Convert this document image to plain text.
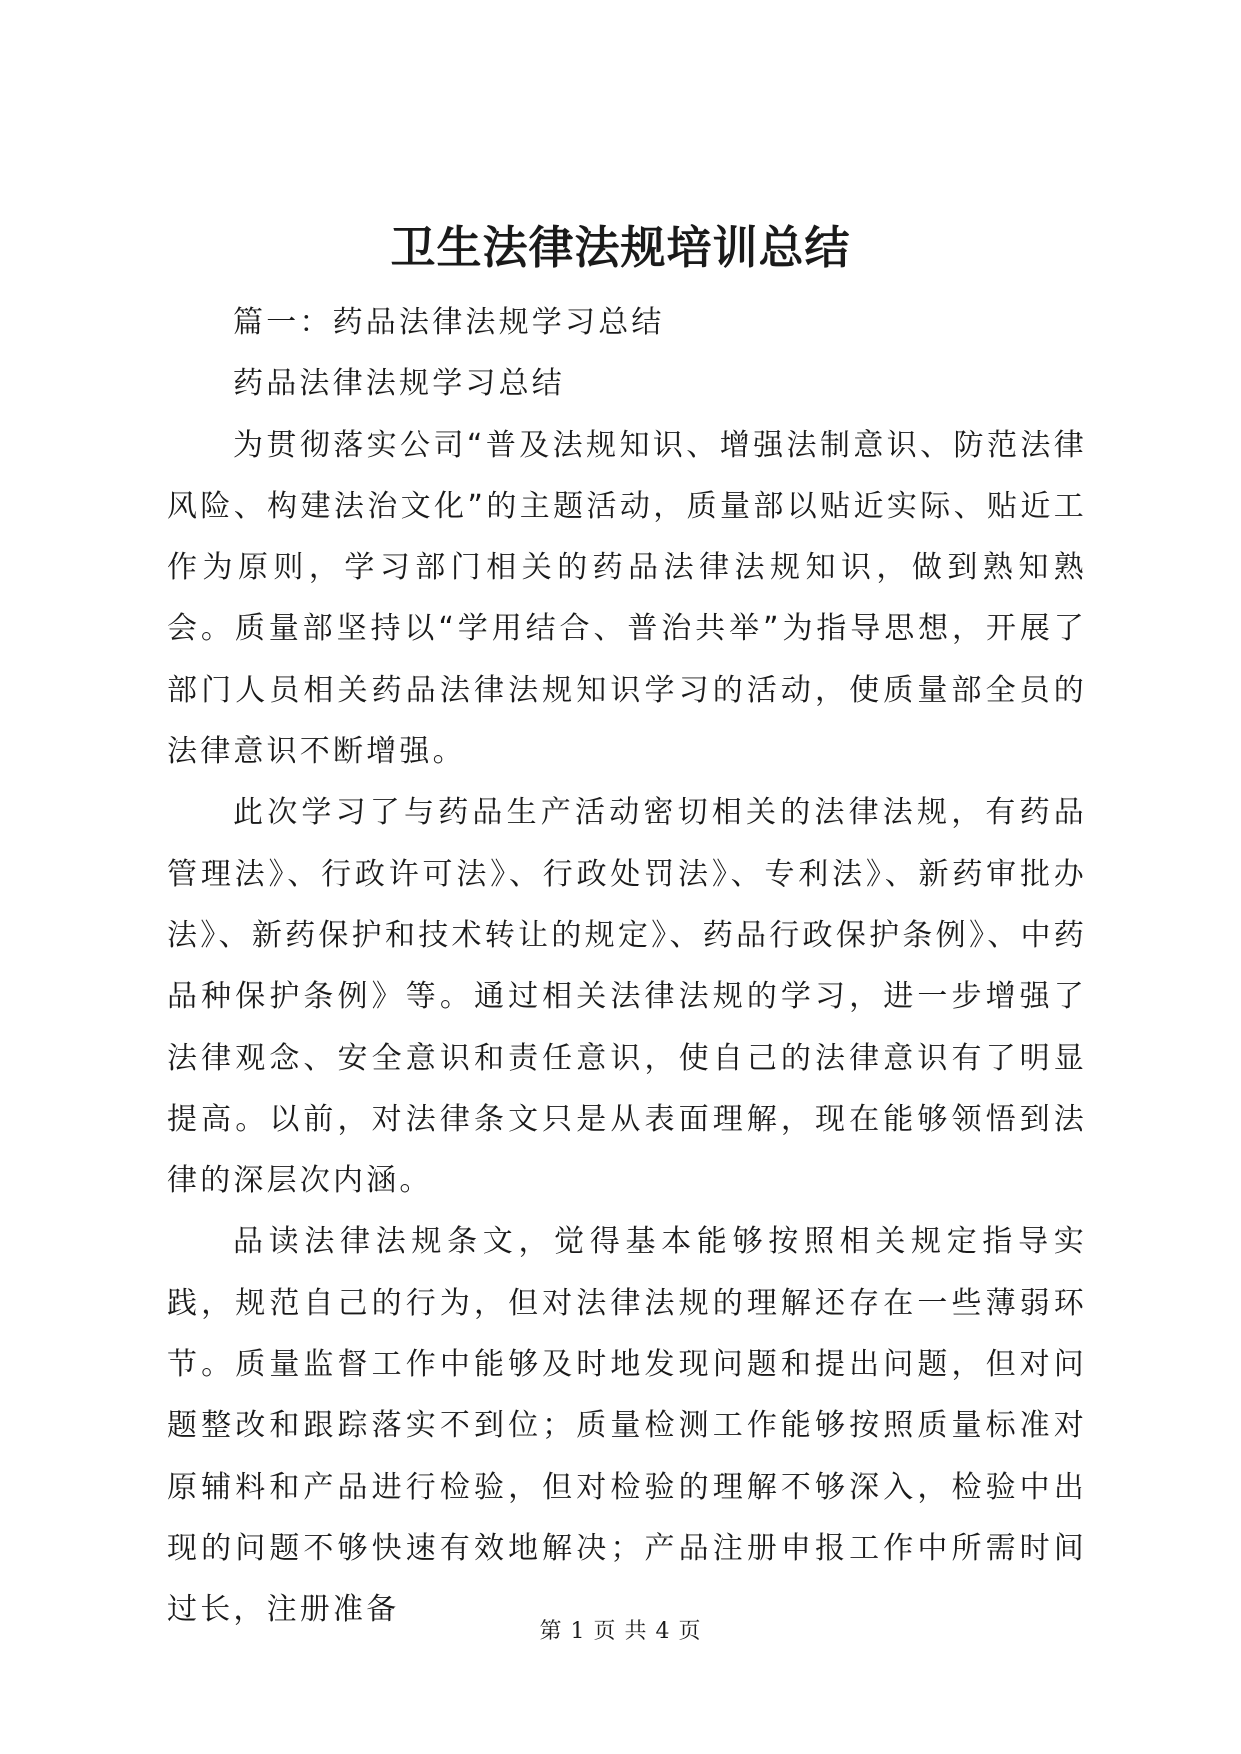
卫生法律法规培训总结

篇一：药品法律法规学习总结

药品法律法规学习总结

为贯彻落实公司“普及法规知识、增强法制意识、防范法律风险、构建法治文化”的主题活动，质量部以贴近实际、贴近工作为原则，学习部门相关的药品法律法规知识，做到熟知熟会。质量部坚持以“学用结合、普治共举”为指导思想，开展了部门人员相关药品法律法规知识学习的活动，使质量部全员的法律意识不断增强。

此次学习了与药品生产活动密切相关的法律法规，有药品管理法》、行政许可法》、行政处罚法》、专利法》、新药审批办法》、新药保护和技术转让的规定》、药品行政保护条例》、中药品种保护条例》等。通过相关法律法规的学习，进一步增强了法律观念、安全意识和责任意识，使自己的法律意识有了明显提高。以前，对法律条文只是从表面理解，现在能够领悟到法律的深层次内涵。

品读法律法规条文，觉得基本能够按照相关规定指导实践，规范自己的行为，但对法律法规的理解还存在一些薄弱环节。质量监督工作中能够及时地发现问题和提出问题，但对问题整改和跟踪落实不到位；质量检测工作能够按照质量标准对原辅料和产品进行检验，但对检验的理解不够深入，检验中出现的问题不够快速有效地解决；产品注册申报工作中所需时间过长，注册准备

第 1 页 共 4 页
